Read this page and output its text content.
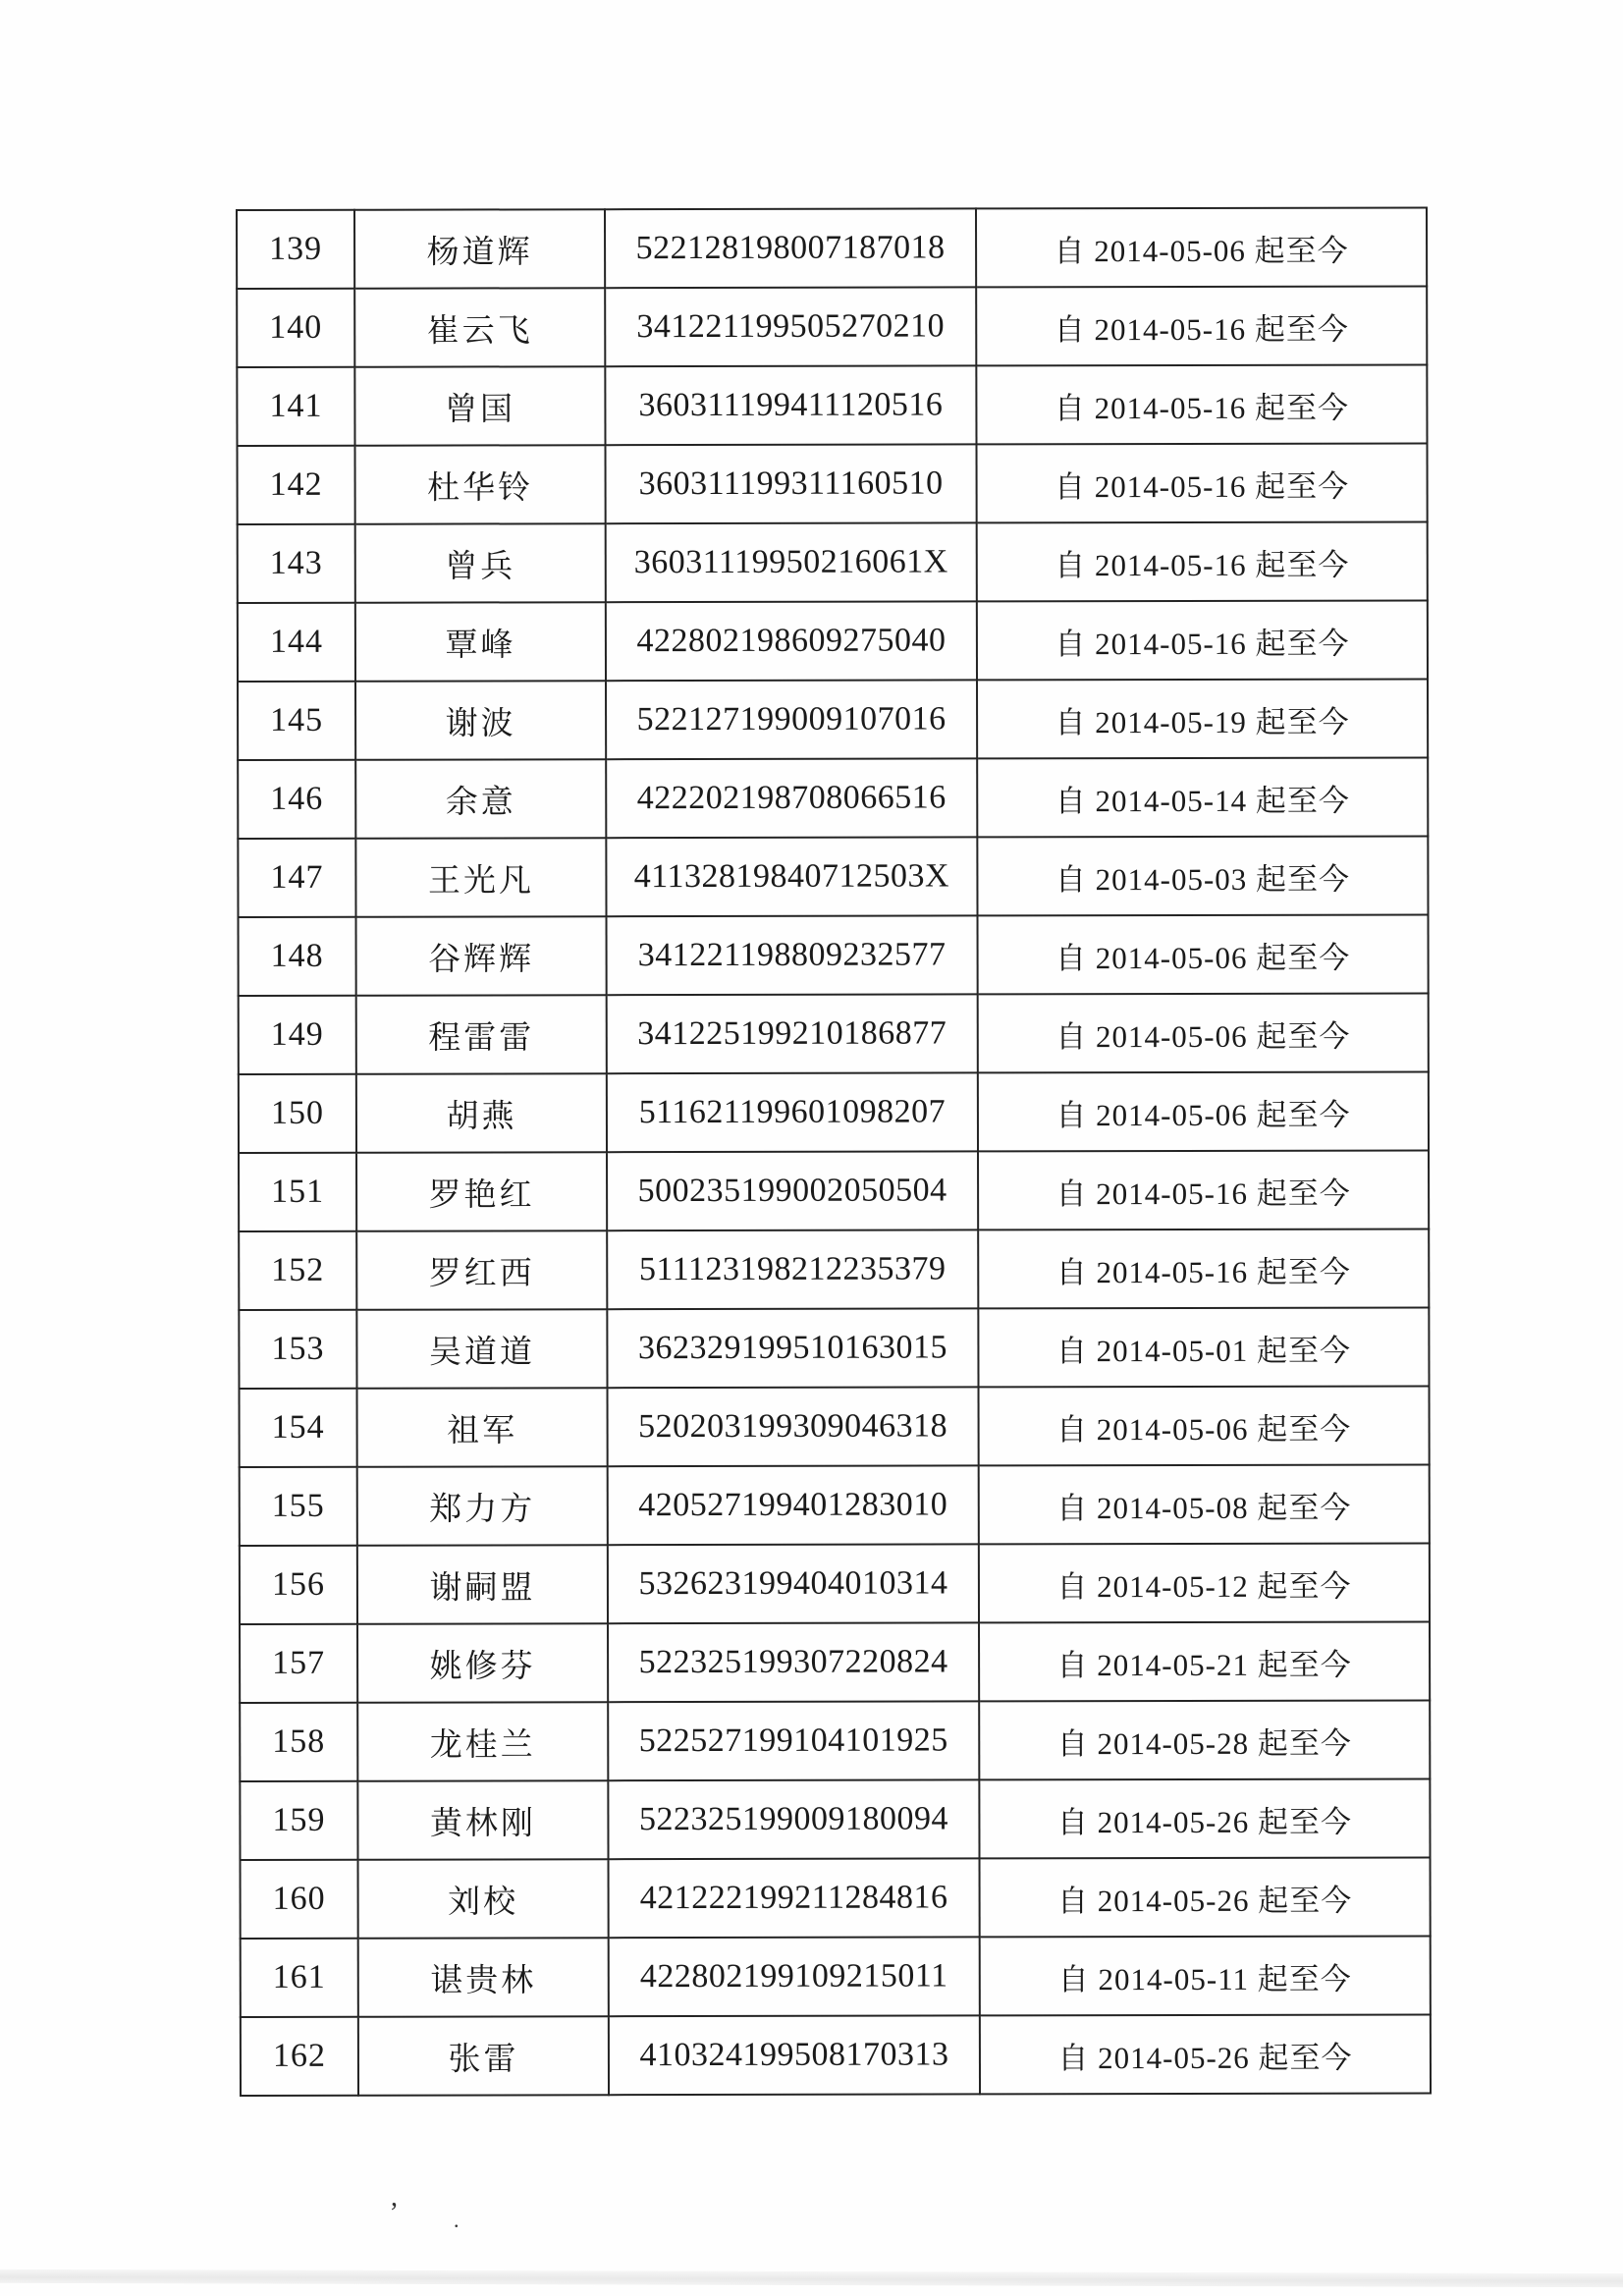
139	杨道辉	522128198007187018	自 2014-05-06 起至今
140	崔云飞	341221199505270210	自 2014-05-16 起至今
141	曾国	360311199411120516	自 2014-05-16 起至今
142	杜华铃	360311199311160510	自 2014-05-16 起至今
143	曾兵	36031119950216061X	自 2014-05-16 起至今
144	覃峰	422802198609275040	自 2014-05-16 起至今
145	谢波	522127199009107016	自 2014-05-19 起至今
146	余意	422202198708066516	自 2014-05-14 起至今
147	王光凡	41132819840712503X	自 2014-05-03 起至今
148	谷辉辉	341221198809232577	自 2014-05-06 起至今
149	程雷雷	341225199210186877	自 2014-05-06 起至今
150	胡燕	511621199601098207	自 2014-05-06 起至今
151	罗艳红	500235199002050504	自 2014-05-16 起至今
152	罗红西	511123198212235379	自 2014-05-16 起至今
153	吴道道	362329199510163015	自 2014-05-01 起至今
154	祖军	520203199309046318	自 2014-05-06 起至今
155	郑力方	420527199401283010	自 2014-05-08 起至今
156	谢嗣盟	532623199404010314	自 2014-05-12 起至今
157	姚修芬	522325199307220824	自 2014-05-21 起至今
158	龙桂兰	522527199104101925	自 2014-05-28 起至今
159	黄林刚	522325199009180094	自 2014-05-26 起至今
160	刘校	421222199211284816	自 2014-05-26 起至今
161	谌贵林	422802199109215011	自 2014-05-11 起至今
162	张雷	410324199508170313	自 2014-05-26 起至今
,
.
